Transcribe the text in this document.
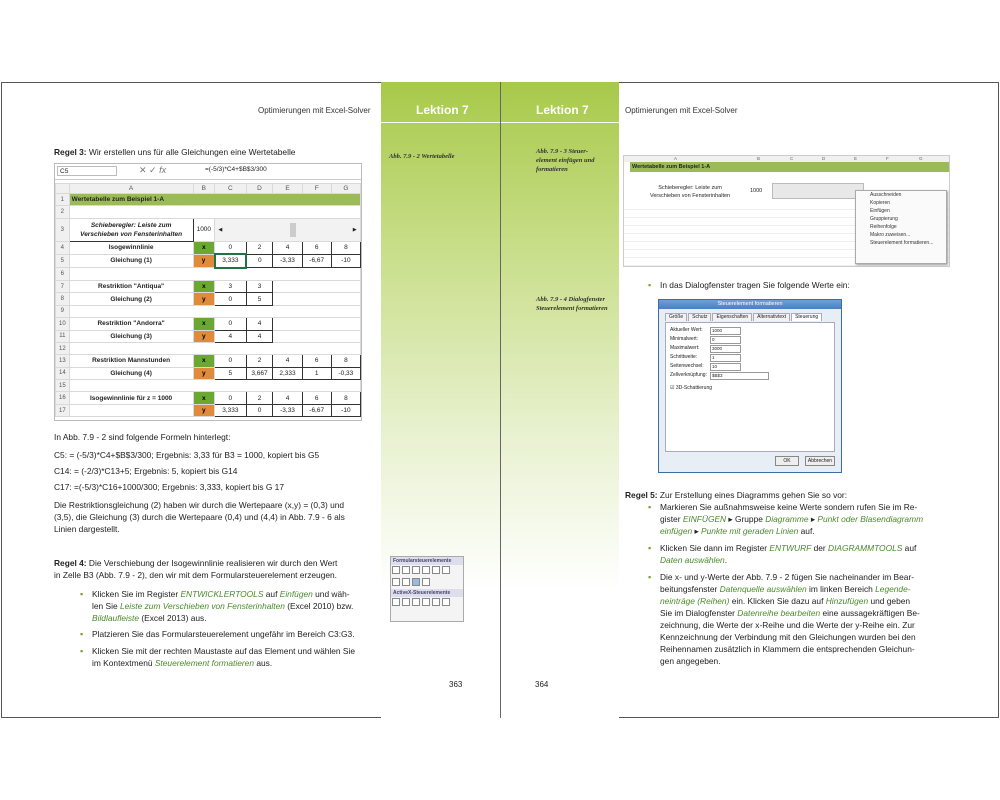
Optimierungen mit Excel-Solver	Lektion 7
Regel 3: Wir erstellen uns für alle Gleichungen eine Wertetabelle	Abb. 7.9 - 2 Wertetabelle
C5	✕ ✓ fx	=(-5/3)*C4+$B$3/300
	A	B	C	D	E	F	G
1	Wertetabelle zum Beispiel 1-A						
2							
3	Schieberegler: Leiste zum
Verschieben von Fensterinhalten	1000	◄ ►				
4	Isogewinnlinie	x	0	2	4	6	8
5	Gleichung (1)	y	3,333	0	-3,33	-6,67	-10
6							
7	Restriktion "Antiqua"	x	3	3			
8	Gleichung (2)	y	0	5			
9							
10	Restriktion "Andorra"	x	0	4			
11	Gleichung (3)	y	4	4			
12							
13	Restriktion Mannstunden	x	0	2	4	6	8
14	Gleichung (4)	y	5	3,667	2,333	1	-0,33
15							
16	Isogewinnlinie für z = 1000	x	0	2	4	6	8
17		y	3,333	0	-3,33	-6,67	-10
In Abb. 7.9 - 2 sind folgende Formeln hinterlegt:
C5: = (-5/3)*C4+$B$3/300; Ergebnis: 3,33 für B3 = 1000, kopiert bis G5
C14: = (-2/3)*C13+5; Ergebnis: 5, kopiert bis G14
C17: =(-5/3)*C16+1000/300; Ergebnis: 3,333, kopiert bis G 17
Die Restriktionsgleichung (2) haben wir durch die Wertepaare (x,y) = (0,3) und
(3,5), die Gleichung (3) durch die Wertepaare (0,4) und (4,4) in Abb. 7.9 - 6 als
Linien dargestellt.
Regel 4: Die Verschiebung der Isogewinnlinie realisieren wir durch den Wert
in Zelle B3 (Abb. 7.9 - 2), den wir mit dem Formularsteuerelement erzeugen.
▪ Klicken Sie im Register ENTWICKLERTOOLS auf Einfügen und wäh-
len Sie Leiste zum Verschieben von Fensterinhalten (Excel 2010) bzw.
Bildlaufleiste (Excel 2013) aus.
▪ Platzieren Sie das Formularsteuerelement ungefähr im Bereich C3:G3.
▪ Klicken Sie mit der rechten Maustaste auf das Element und wählen Sie
im Kontextmenü Steuerelement formatieren aus.
Formularsteuerelemente
ActiveX-Steuerelemente
363
Lektion 7	Optimierungen mit Excel-Solver
Abb. 7.9 - 3 Steuer-
element einfügen und
formatieren
Abb. 7.9 - 4 Dialogfenster
Steuerelement formatieren
A	B	C	D	E	F	G
Wertetabelle zum Beispiel 1-A
Schieberegler: Leiste zum
Verschieben von Fensterinhalten
1000
Ausschneiden
Kopieren
Einfügen
Gruppierung
Reihenfolge
Makro zuweisen...
Steuerelement formatieren...
▪ In das Dialogfenster tragen Sie folgende Werte ein:
Steuerelement formatieren
Größe Schutz Eigenschaften Alternativtext Steuerung
Aktueller Wert:	1000
Minimalwert:	0
Maximalwert:	3000
Schrittweite:	1
Seitenwechsel:	10
Zellverknüpfung:	$B$3
☑ 3D-Schattierung
OK	Abbrechen
Regel 5: Zur Erstellung eines Diagramms gehen Sie so vor:
▪ Markieren Sie außnahmsweise keine Werte sondern rufen Sie im Re-
gister EINFÜGEN ▸ Gruppe Diagramme ▸ Punkt oder Blasendiagramm
einfügen ▸ Punkte mit geraden Linien auf.
▪ Klicken Sie dann im Register ENTWURF der DIAGRAMMTOOLS auf
Daten auswählen.
▪ Die x- und y-Werte der Abb. 7.9 - 2 fügen Sie nacheinander im Bear-
beitungsfenster Datenquelle auswählen im linken Bereich Legende-
neinträge (Reihen) ein. Klicken Sie dazu auf Hinzufügen und geben
Sie im Dialogfenster Datenreihe bearbeiten eine aussagekräftigen Be-
zeichnung, die Werte der x-Reihe und die Werte der y-Reihe ein. Zur
Kennzeichnung der Verbindung mit den Gleichungen wurden bei den
Reihennamen zusätzlich in Klammern die entsprechenden Gleichun-
gen angegeben.
364
